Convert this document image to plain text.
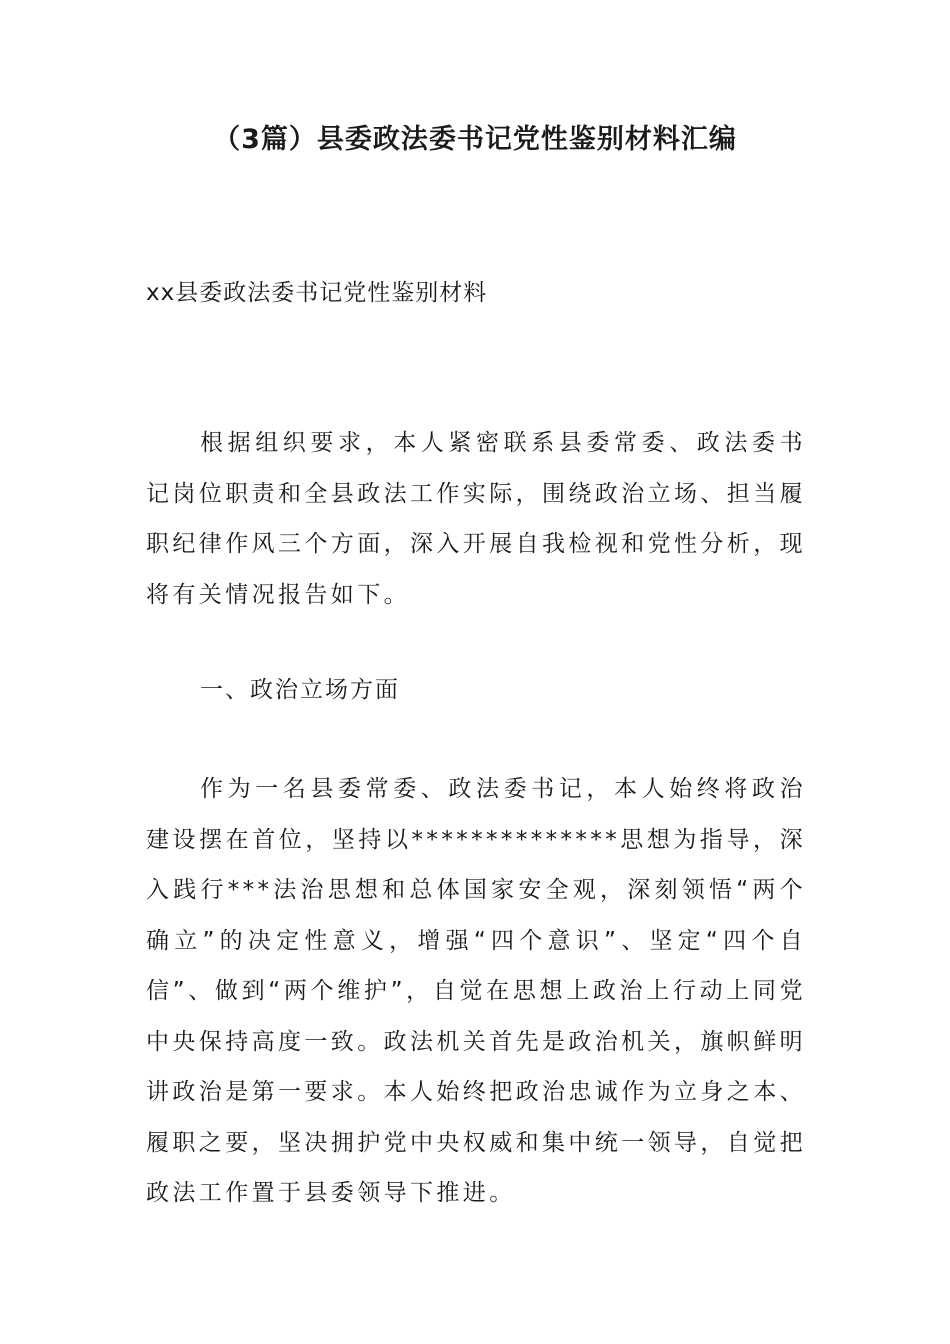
（3篇）县委政法委书记党性鉴别材料汇编

xx县委政法委书记党性鉴别材料

根据组织要求，本人紧密联系县委常委、政法委书记岗位职责和全县政法工作实际，围绕政治立场、担当履职纪律作风三个方面，深入开展自我检视和党性分析，现将有关情况报告如下。

一、政治立场方面

作为一名县委常委、政法委书记，本人始终将政治建设摆在首位，坚持以**************思想为指导，深入践行***法治思想和总体国家安全观，深刻领悟“两个确立”的决定性意义，增强“四个意识”、坚定“四个自信”、做到“两个维护”，自觉在思想上政治上行动上同党中央保持高度一致。政法机关首先是政治机关，旗帜鲜明讲政治是第一要求。本人始终把政治忠诚作为立身之本、履职之要，坚决拥护党中央权威和集中统一领导，自觉把政法工作置于县委领导下推进。
